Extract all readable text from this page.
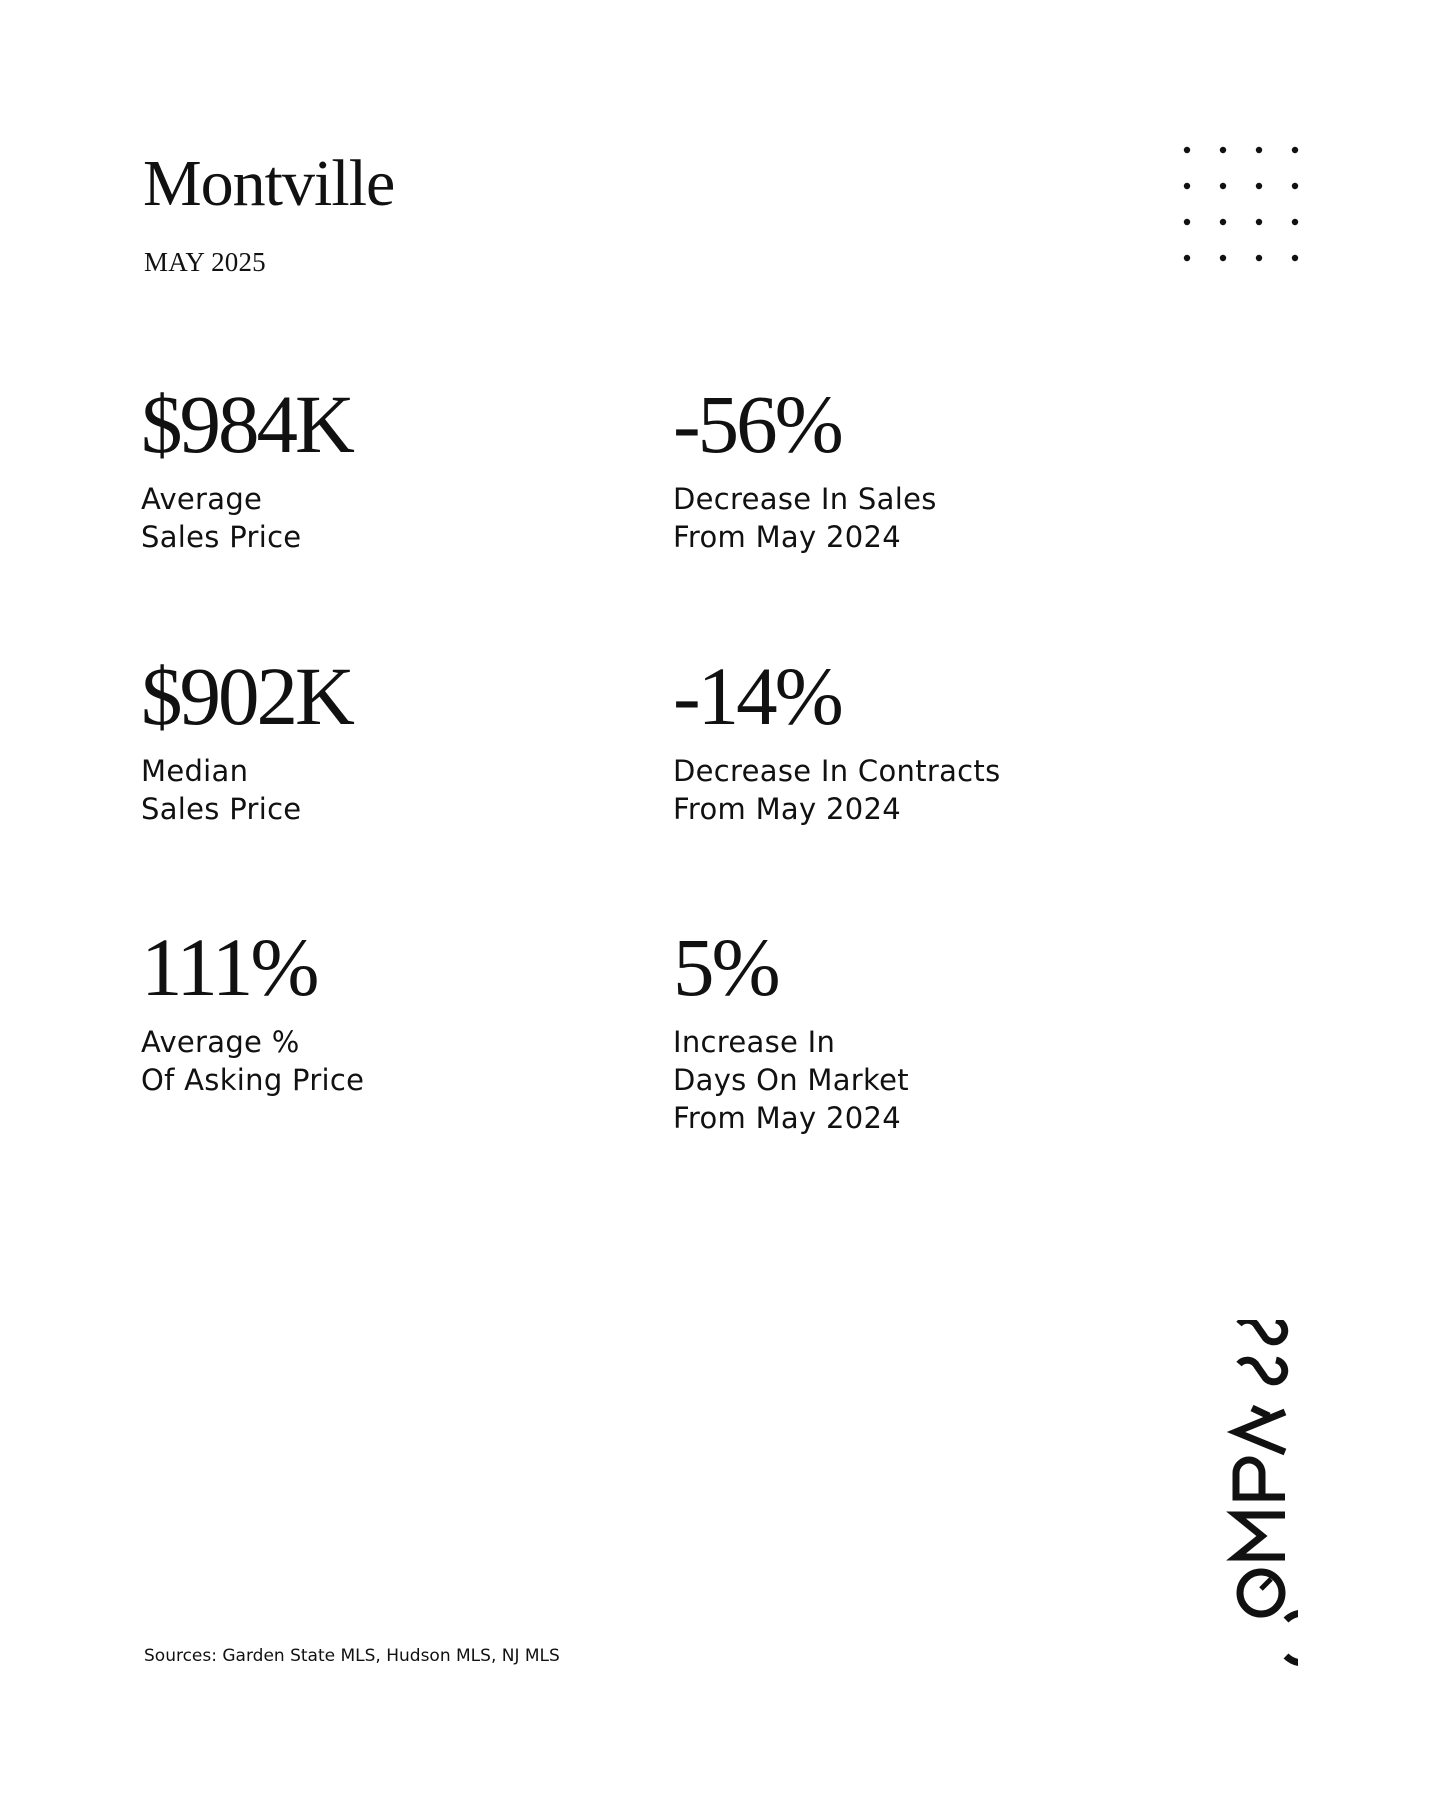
Montville
MAY 2025
$984K
Average
Sales Price
-56%
Decrease In Sales
From May 2024
$902K
Median
Sales Price
-14%
Decrease In Contracts
From May 2024
111%
Average %
Of Asking Price
5%
Increase In
Days On Market
From May 2024
Sources: Garden State MLS, Hudson MLS, NJ MLS
